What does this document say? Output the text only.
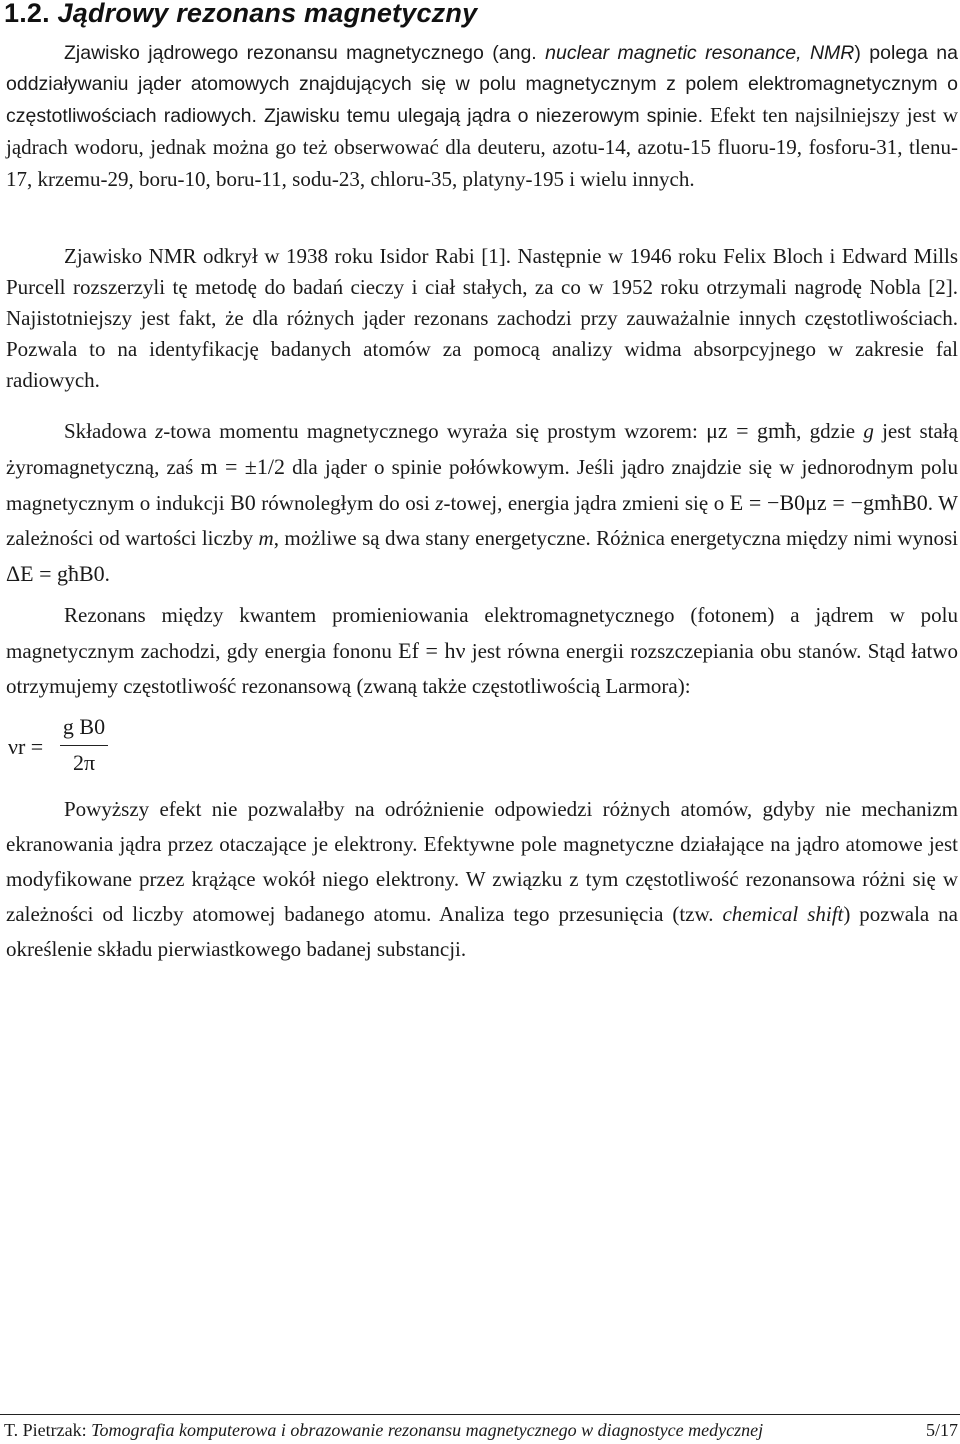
1.2. Jądrowy rezonans magnetyczny

Zjawisko jądrowego rezonansu magnetycznego (ang. nuclear magnetic resonance, NMR) polega na oddziaływaniu jąder atomowych znajdujących się w polu magnetycznym z polem elektromagnetycznym o częstotliwościach radiowych. Zjawisku temu ulegają jądra o niezerowym spinie. Efekt ten najsilniejszy jest w jądrach wodoru, jednak można go też obserwować dla deuteru, azotu-14, azotu-15 fluoru-19, fosforu-31, tlenu-17, krzemu-29, boru-10, boru-11, sodu-23, chloru-35, platyny-195 i wielu innych.

Zjawisko NMR odkrył w 1938 roku Isidor Rabi [1]. Następnie w 1946 roku Felix Bloch i Edward Mills Purcell rozszerzyli tę metodę do badań cieczy i ciał stałych, za co w 1952 roku otrzymali nagrodę Nobla [2]. Najistotniejszy jest fakt, że dla różnych jąder rezonans zachodzi przy zauważalnie innych częstotliwościach. Pozwala to na identyfikację badanych atomów za pomocą analizy widma absorpcyjnego w zakresie fal radiowych.

Składowa z-towa momentu magnetycznego wyraża się prostym wzorem: μz = gmħ, gdzie g jest stałą żyromagnetyczną, zaś m = ±1/2 dla jąder o spinie połówkowym. Jeśli jądro znajdzie się w jednorodnym polu magnetycznym o indukcji B0 równoległym do osi z-towej, energia jądra zmieni się o E = −B0μz = −gmħB0. W zależności od wartości liczby m, możliwe są dwa stany energetyczne. Różnica energetyczna między nimi wynosi ΔE = għB0.

Rezonans między kwantem promieniowania elektromagnetycznego (fotonem) a jądrem w polu magnetycznym zachodzi, gdy energia fononu Ef = hν jest równa energii rozszczepiania obu stanów. Stąd łatwo otrzymujemy częstotliwość rezonansową (zwaną także częstotliwością Larmora):

νr =
g B0
2π

Powyższy efekt nie pozwalałby na odróżnienie odpowiedzi różnych atomów, gdyby nie mechanizm ekranowania jądra przez otaczające je elektrony. Efektywne pole magnetyczne działające na jądro atomowe jest modyfikowane przez krążące wokół niego elektrony. W związku z tym częstotliwość rezonansowa różni się w zależności od liczby atomowej badanego atomu. Analiza tego przesunięcia (tzw. chemical shift) pozwala na określenie składu pierwiastkowego badanej substancji.

T. Pietrzak: Tomografia komputerowa i obrazowanie rezonansu magnetycznego w diagnostyce medycznej	5/17
